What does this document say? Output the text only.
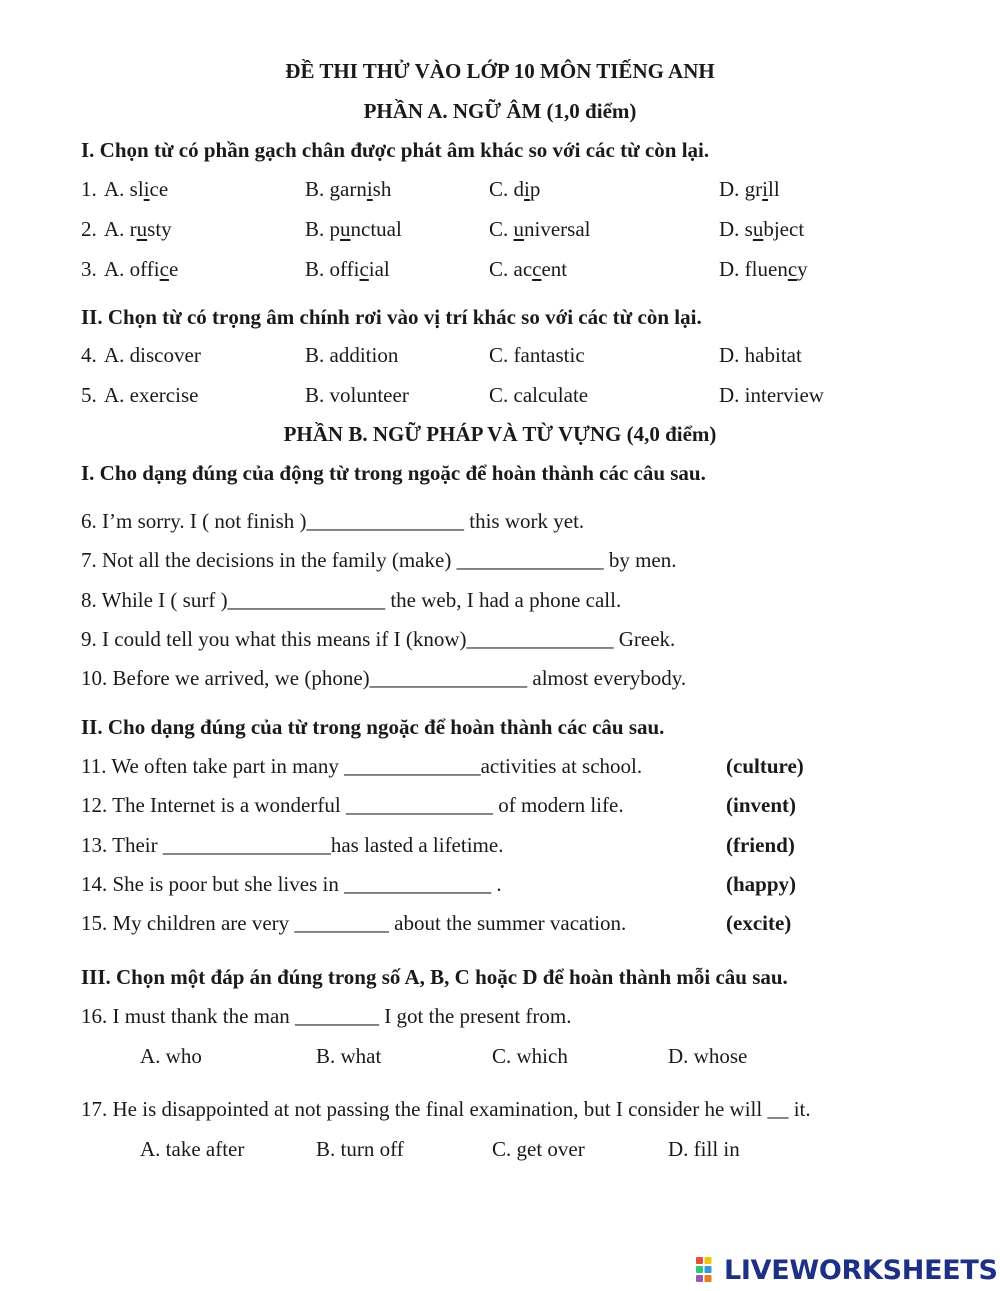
ĐỀ THI THỬ VÀO LỚP 10 MÔN TIẾNG ANH
PHẦN A. NGỮ ÂM (1,0 điểm)
I. Chọn từ có phần gạch chân được phát âm khác so với các từ còn lại.
1. A. slice	B. garnish	C. dip	D. grill
2. A. rusty	B. punctual	C. universal	D. subject
3. A. office	B. official	C. accent	D. fluency
II. Chọn từ có trọng âm chính rơi vào vị trí khác so với các từ còn lại.
4. A. discover	B. addition	C. fantastic	D. habitat
5. A. exercise	B. volunteer	C. calculate	D. interview
PHẦN B. NGỮ PHÁP VÀ TỪ VỰNG (4,0 điểm)
I. Cho dạng đúng của động từ trong ngoặc để hoàn thành các câu sau.
6. I’m sorry. I ( not finish )_______________ this work yet.
7. Not all the decisions in the family (make) ______________ by men.
8. While I ( surf )_______________ the web, I had a phone call.
9. I could tell you what this means if I (know)______________ Greek.
10. Before we arrived, we (phone)_______________ almost everybody.
II. Cho dạng đúng của từ trong ngoặc để hoàn thành các câu sau.
11. We often take part in many _____________activities at school.	(culture)
12. The Internet is a wonderful ______________ of modern life.	(invent)
13. Their ________________has lasted a lifetime.	(friend)
14. She is poor but she lives in ______________ .	(happy)
15. My children are very _________ about the summer vacation.	(excite)
III. Chọn một đáp án đúng trong số A, B, C hoặc D để hoàn thành mỗi câu sau.
16. I must thank the man ________ I got the present from.
A. who	B. what	C. which	D. whose
17. He is disappointed at not passing the final examination, but I consider he will __ it.
A. take after	B. turn off	C. get over	D. fill in
LIVEWORKSHEETS
